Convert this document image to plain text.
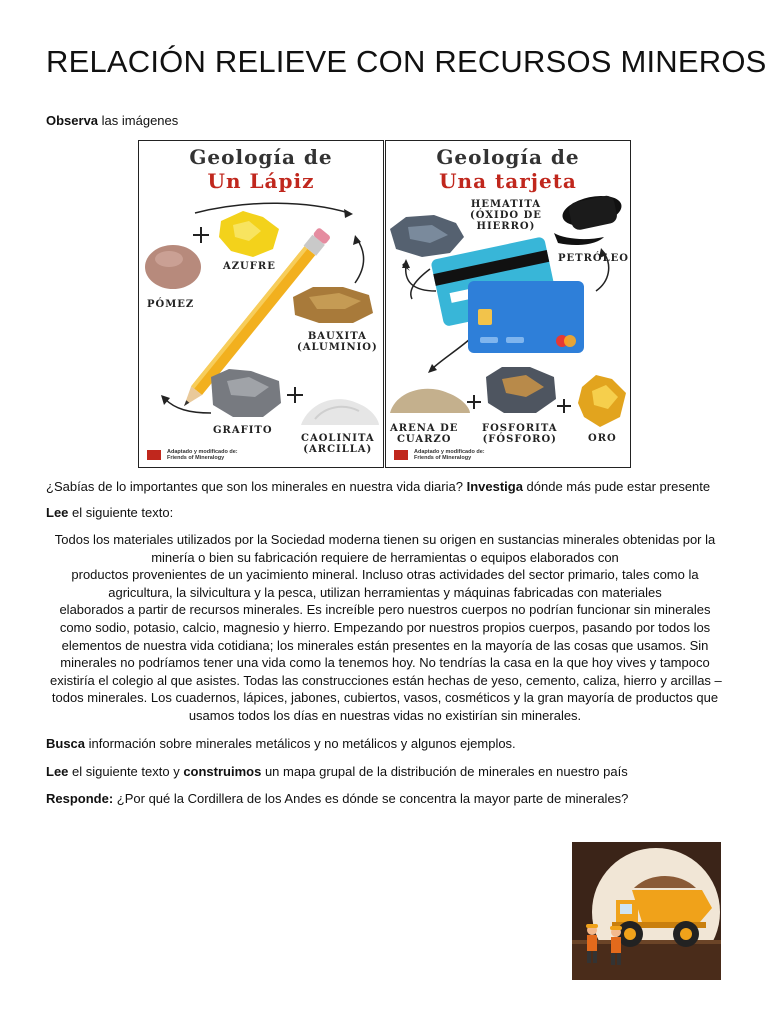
RELACIÓN RELIEVE CON RECURSOS MINEROS
Observa las imágenes
Geología de
Un Lápiz
AZUFRE
PÓMEZ
BAUXITA
(ALUMINIO)
GRAFITO
CAOLINITA
(ARCILLA)
Adaptado y modificado de:
Friends of Mineralogy
Geología de
Una tarjeta
HEMATITA
(ÓXIDO DE
HIERRO)
PETRÓLEO
ARENA DE
CUARZO
FOSFORITA
(FÓSFORO)	ORO
Adaptado y modificado de:
Friends of Mineralogy
¿Sabías de lo importantes que son los minerales en nuestra vida diaria? Investiga dónde más pude estar presente
Lee el siguiente texto:
Todos los materiales utilizados por la Sociedad moderna tienen su origen en sustancias minerales obtenidas por la
minería o bien su fabricación requiere de herramientas o equipos elaborados con
productos provenientes de un yacimiento mineral. Incluso otras actividades del sector primario, tales como la
agricultura, la silvicultura y la pesca, utilizan herramientas y máquinas fabricadas con materiales
elaborados a partir de recursos minerales. Es increíble pero nuestros cuerpos no podrían funcionar sin minerales
como sodio, potasio, calcio, magnesio y hierro. Empezando por nuestros propios cuerpos, pasando por todos los
elementos de nuestra vida cotidiana; los minerales están presentes en la mayoría de las cosas que usamos. Sin
minerales no podríamos tener una vida como la tenemos hoy. No tendrías la casa en la que hoy vives y tampoco
existiría el colegio al que asistes. Todas las construcciones están hechas de yeso, cemento, caliza, hierro y arcillas –
todos minerales. Los cuadernos, lápices, jabones, cubiertos, vasos, cosméticos y la gran mayoría de productos que
usamos todos los días en nuestras vidas no existirían sin minerales.
Busca información sobre minerales metálicos y no metálicos y algunos ejemplos.
Lee el siguiente texto y construimos un mapa grupal de la distribución de minerales en nuestro país
Responde: ¿Por qué la Cordillera de los Andes es dónde se concentra la mayor parte de minerales?
